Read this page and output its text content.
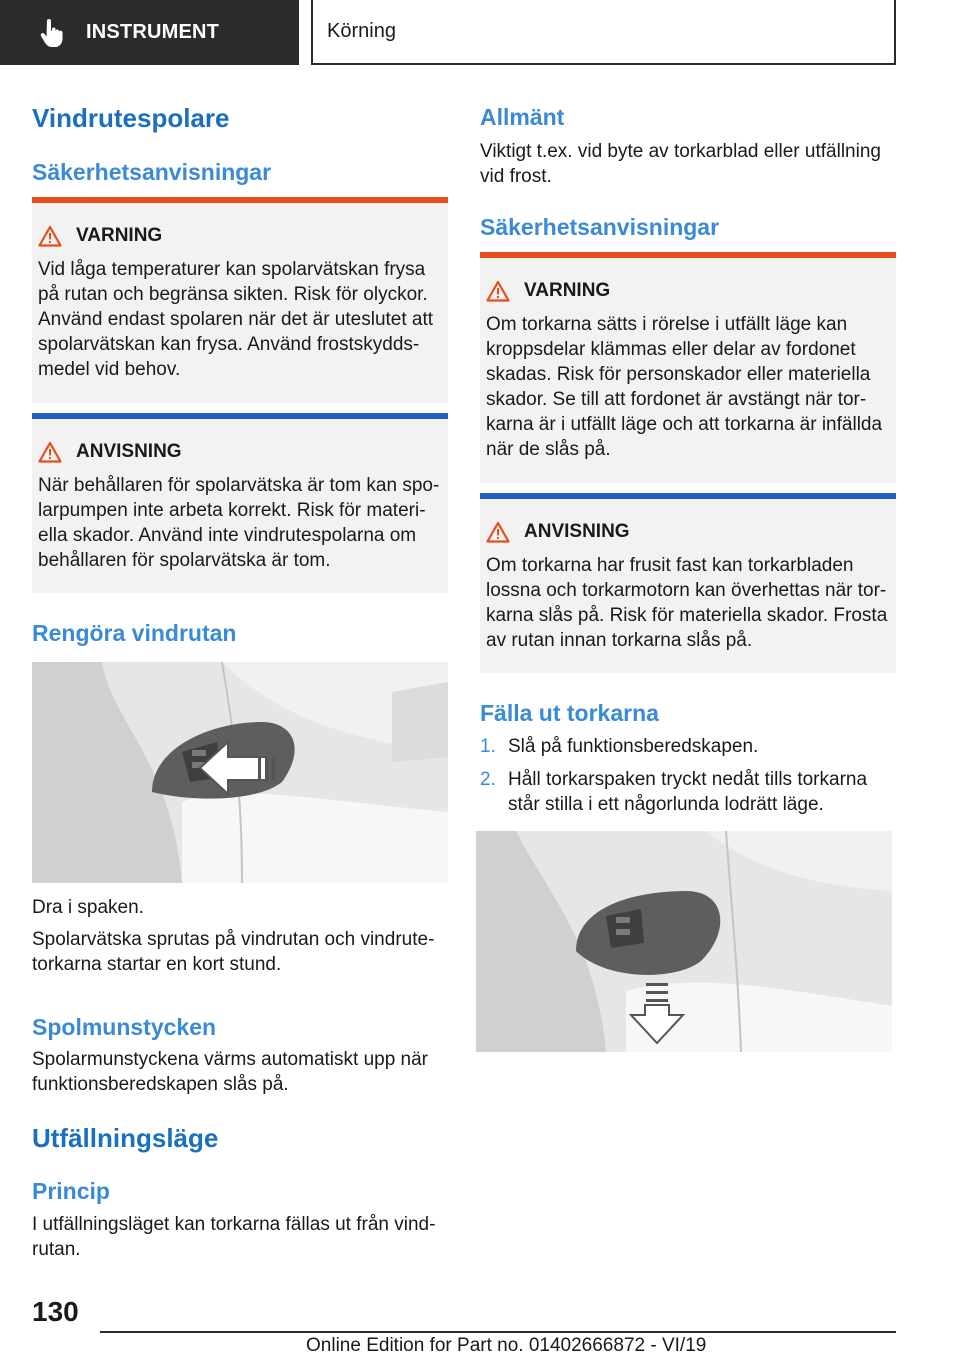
INSTRUMENT	Körning
Vindrutespolare
Säkerhetsanvisningar
VARNING
Vid låga temperaturer kan spolarvätskan frysa på rutan och begränsa sikten. Risk för olyckor. Använd endast spolaren när det är uteslutet att spolarvätskan kan frysa. Använd frostskyddsmedel vid behov.
ANVISNING
När behållaren för spolarvätska är tom kan spolarpumpen inte arbeta korrekt. Risk för materiella skador. Använd inte vindrutespolarna om behållaren för spolarvätska är tom.
Rengöra vindrutan
Dra i spaken.
Spolarvätska sprutas på vindrutan och vindrutetorkarna startar en kort stund.
Spolmunstycken
Spolarmunstyckena värms automatiskt upp när funktionsberedskapen slås på.
Utfällningsläge
Princip
I utfällningsläget kan torkarna fällas ut från vindrutan.
Allmänt
Viktigt t.ex. vid byte av torkarblad eller utfällning vid frost.
Säkerhetsanvisningar
VARNING
Om torkarna sätts i rörelse i utfällt läge kan kroppsdelar klämmas eller delar av fordonet skadas. Risk för personskador eller materiella skador. Se till att fordonet är avstängt när torkarna är i utfällt läge och att torkarna är infällda när de slås på.
ANVISNING
Om torkarna har frusit fast kan torkarbladen lossna och torkarmotorn kan överhettas när torkarna slås på. Risk för materiella skador. Frosta av rutan innan torkarna slås på.
Fälla ut torkarna
1. Slå på funktionsberedskapen.
2. Håll torkarspaken tryckt nedåt tills torkarna står stilla i ett någorlunda lodrätt läge.
130
Online Edition for Part no. 01402666872 - VI/19
